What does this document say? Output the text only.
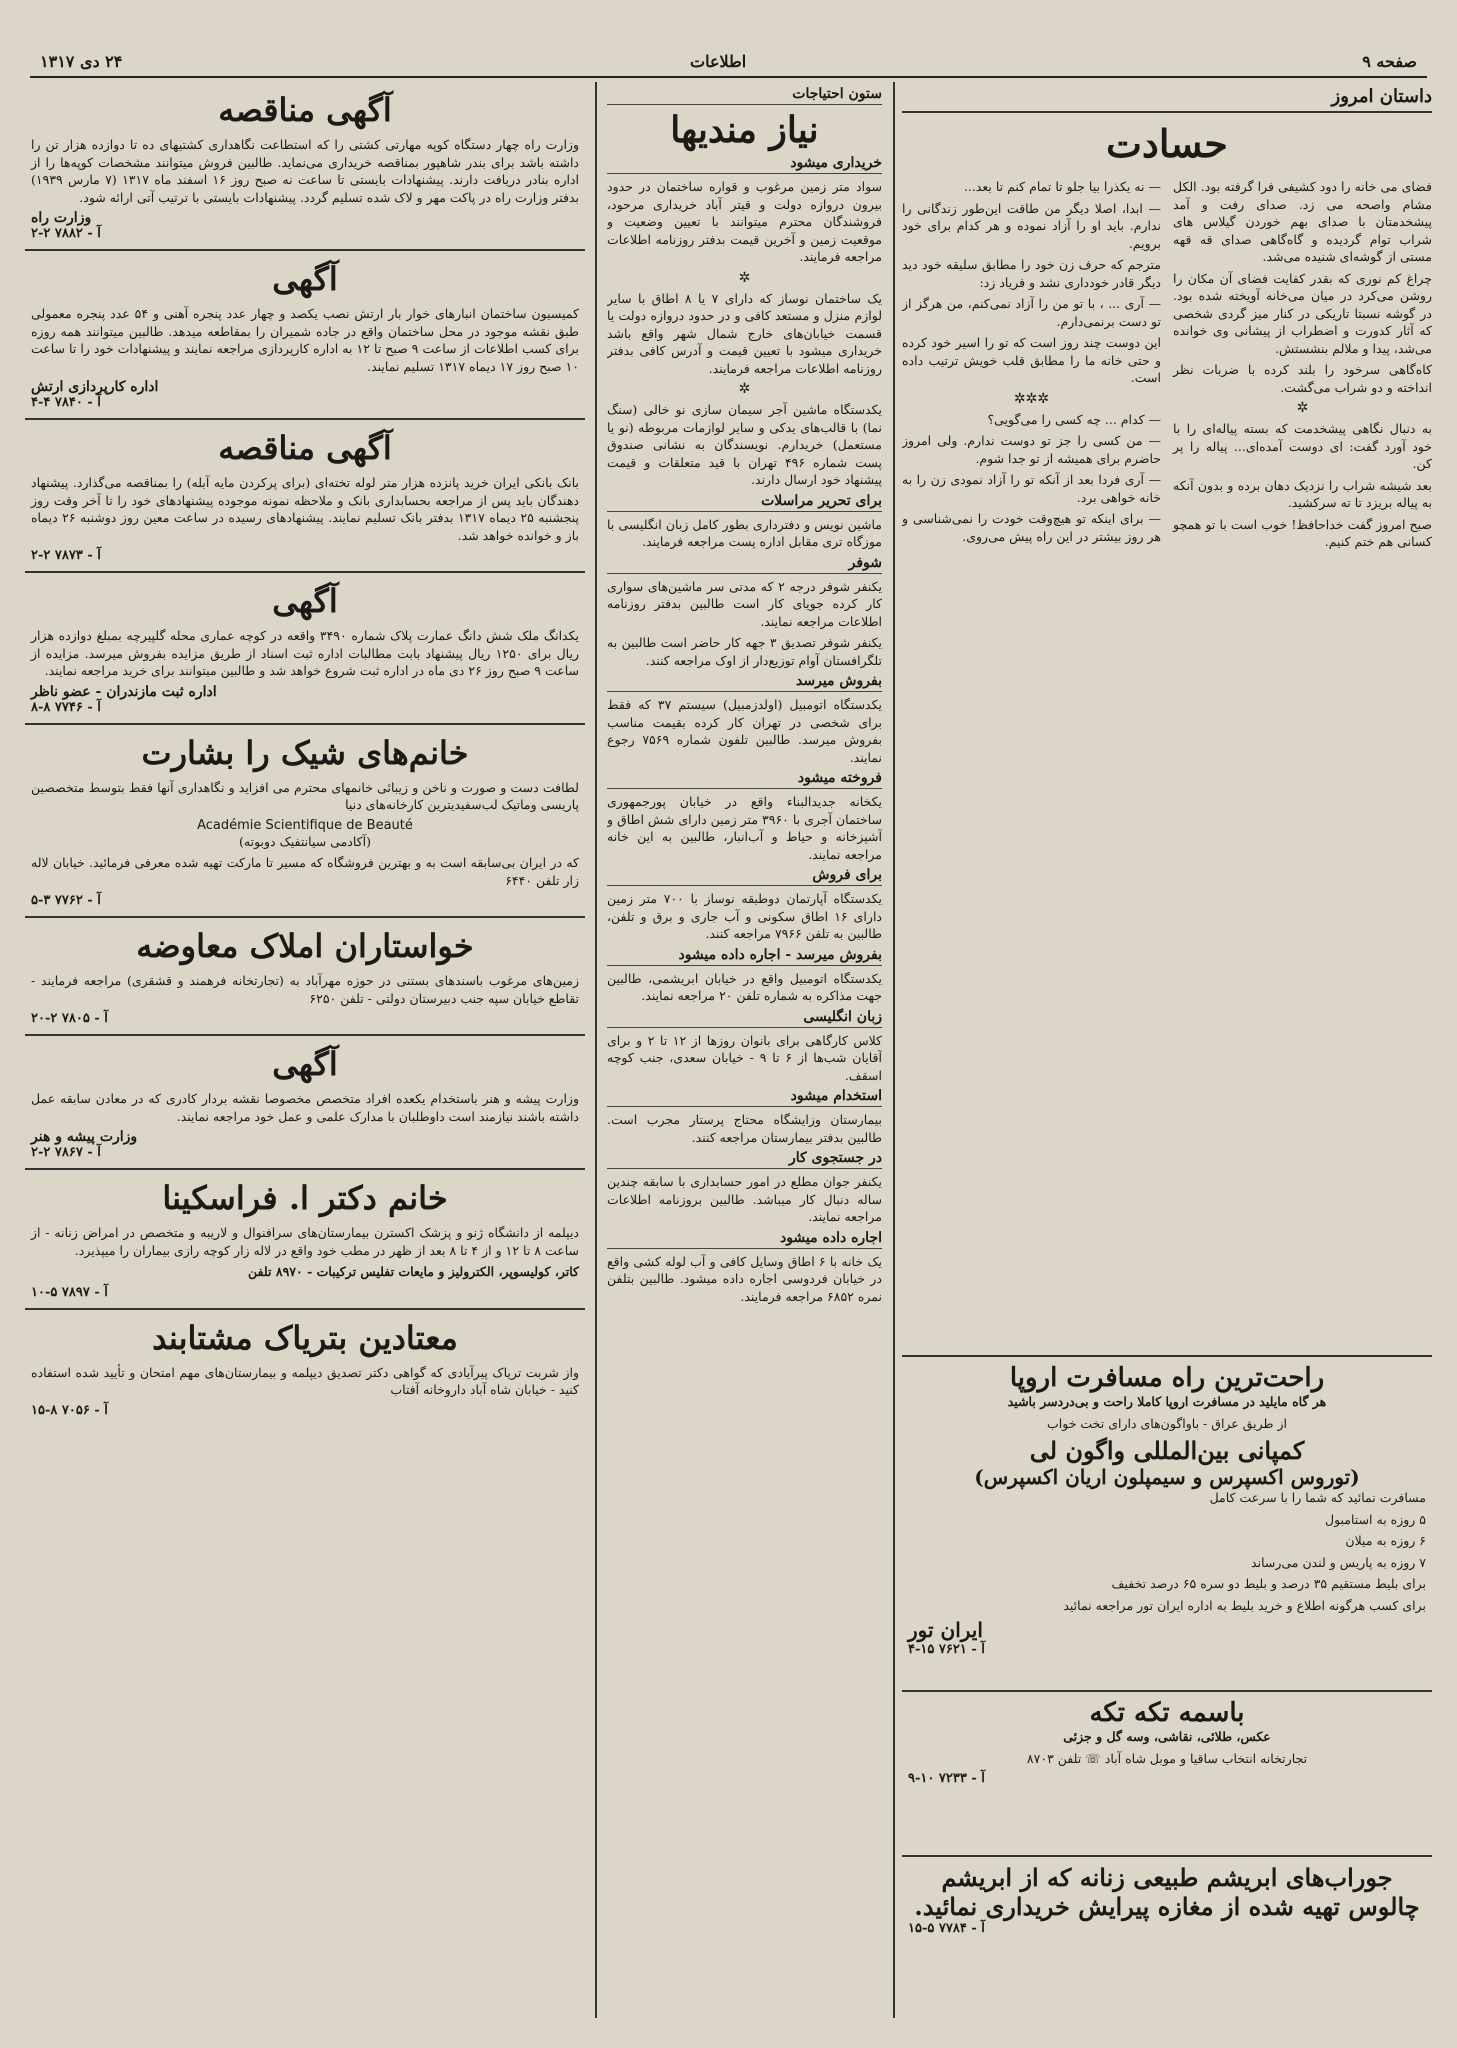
صفحه ۹
اطلاعات
۲۴ دی ۱۳۱۷
داستان امروز
حسادت

فضای می خانه را دود کشیفی فرا گرفته بود. الکل مشام واصحه می زد. صدای رفت و آمد پیشخدمتان با صدای بهم خوردن گیلاس های شراب توام گردیده و گاه‌گاهی صدای قه قهه مستی از گوشه‌ای شنیده می‌شد.

چراغ کم نوری که بقدر کفایت فضای آن مکان را روشن می‌کرد در میان می‌خانه آویخته شده بود. در گوشه نسبتا تاریکی در کنار میز گردی شخصی که آثار کدورت و اضطراب از پیشانی وی خوانده می‌شد، پیدا و ملالم بنشستش.

کاه‌گاهی سرخود را بلند کرده با ضربات نظر انداخته و دو شراب می‌گشت.

✲

به دنبال نگاهی پیشخدمت که بسته پیاله‌ای را با خود آورد گفت: ای دوست آمده‌ای... پیاله را پر کن.

بعد شیشه شراب را نزدیک دهان برده و بدون آنکه به پیاله بریزد تا ته سرکشید.

صبح امروز گفت خداحافظ! خوب است با تو همچو کسانی هم ختم کنیم.

— نه یکذرا بیا جلو تا تمام کنم تا بعد...

— ابدا، اصلا دیگر من طاقت این‌طور زندگانی را ندارم. باید او را آزاد نموده و هر کدام برای خود برویم.

مترجم که حرف زن خود را مطابق سلیقه خود دید دیگر قادر خودداری نشد و فریاد زد:

— آری ... ، با تو من را آزاد نمی‌کنم، من هرگز از تو دست برنمی‌دارم.

این دوست چند روز است که تو را اسیر خود کرده و حتی خانه ما را مطابق قلب خویش ترتیب داده است.

✲✲✲

— کدام ... چه کسی را می‌گویی؟

— من کسی را جز تو دوست ندارم. ولی امروز حاضرم برای همیشه از تو جدا شوم.

— آری فردا بعد از آنکه تو را آزاد نمودی زن را به خانه خواهی برد.

— برای اینکه تو هیچ‌وقت خودت را نمی‌شناسی و هر روز بیشتر در این راه پیش می‌روی.

راحت‌ترین راه مسافرت اروپا
هر گاه مایلید در مسافرت اروپا کاملا راحت و بی‌دردسر باشید
از طریق عراق - باواگون‌های دارای تخت خواب
کمپانی بین‌المللی واگون لی
(توروس اکسپرس و سیمپلون اریان اکسپرس)
مسافرت نمائید که شما را با سرعت کامل
۵ روزه به استامبول
۶ روزه به میلان
۷ روزه به پاریس و لندن می‌رساند
برای بلیط مستقیم ۳۵ درصد و بلیط دو سره ۶۵ درصد تخفیف
برای کسب هرگونه اطلاع و خرید بلیط به اداره ایران تور مراجعه نمائید
ایران تور
آ - ۷۶۲۱ ۱۵-۴
باسمه تکه تکه
عکس، طلائی، نقاشی، وسه گل و جزئی
تجارتخانه انتخاب ساقیا و موبل شاه آباد ☏ تلفن ۸۷۰۳
آ - ۷۲۳۳ ۱۰-۹
جوراب‌های ابریشم طبیعی زنانه که از ابریشم
چالوس تهیه شده از مغازه پیرایش خریداری نمائید.
آ - ۷۷۸۴ ۵-۱۵
ستون احتیاجات
نیاز مندیها
خریداری میشود

سواد متر زمین مرغوب و قواره ساختمان در حدود بیرون دروازه دولت و قیتر آباد خریداری مرحود، فروشندگان محترم میتوانند با تعیین وضعیت و موقعیت زمین و آخرین قیمت بدفتر روزنامه اطلاعات مراجعه فرمایند.

✲

یک ساختمان نوساز که دارای ۷ یا ۸ اطاق با سایر لوازم منزل و مستعد کافی و در حدود دروازه دولت یا قسمت خیابان‌های خارج شمال شهر واقع باشد خریداری میشود با تعیین قیمت و آدرس کافی بدفتر روزنامه اطلاعات مراجعه فرمایند.

✲

یکدستگاه ماشین آجر سیمان سازی نو خالی (سنگ نما) با قالب‌های یدکی و سایر لوازمات مربوطه (نو یا مستعمل) خریدارم. نویسندگان به نشانی صندوق پست شماره ۴۹۶ تهران با قید متعلقات و قیمت پیشنهاد خود ارسال دارند.

برای تحریر مراسلات

ماشین نویس و دفترداری بطور کامل زبان انگلیسی با موزگاه تری مقابل اداره پست مراجعه فرمایند.

شوفر

یکنفر شوفر درجه ۲ که مدتی سر ماشین‌های سواری کار کرده جویای کار است طالبین بدفتر روزنامه اطلاعات مراجعه نمایند.

یکنفر شوفر تصدیق ۳ جهه کار حاضر است طالبین به تلگرافستان آوام توزیع‌دار از اوک مراجعه کنند.

بفروش میرسد

یکدستگاه اتومبیل (اولدزمبیل) سیستم ۳۷ که فقط برای شخصی در تهران کار کرده بقیمت مناسب بفروش میرسد. طالبین تلفون شماره ۷۵۶۹ رجوع نمایند.

فروخته میشود

یکخانه جدیدالبناء واقع در خیابان پورجمهوری ساختمان آجری با ۳۹۶۰ متر زمین دارای شش اطاق و آشپزخانه و حیاط و آب‌انبار، طالبین به این خانه مراجعه نمایند.

برای فروش

یکدستگاه آپارتمان دوطبقه نوساز با ۷۰۰ متر زمین دارای ۱۶ اطاق سکونی و آب جاری و برق و تلفن، طالبین به تلفن ۷۹۶۶ مراجعه کنند.

بفروش میرسد - اجاره داده میشود

یکدستگاه اتومبیل واقع در خیابان ابریشمی، طالبین جهت مذاکره به شماره تلفن ۲۰ مراجعه نمایند.

زبان انگلیسی

کلاس کارگاهی برای بانوان روزها از ۱۲ تا ۲ و برای آقایان شب‌ها از ۶ تا ۹ - خیابان سعدی، جنب کوچه اسقف.

استخدام میشود

بیمارستان وزایشگاه محتاج پرستار مجرب است. طالبین بدفتر بیمارستان مراجعه کنند.

در جستجوی کار

یکنفر جوان مطلع در امور حسابداری با سابقه چندین ساله دنبال کار میباشد. طالبین بروزنامه اطلاعات مراجعه نمایند.

اجاره داده میشود

یک خانه با ۶ اطاق وسایل کافی و آب لوله کشی واقع در خیابان فردوسی اجاره داده میشود. طالبین بتلفن نمره ۶۸۵۲ مراجعه فرمایند.

آگهی مناقصه

وزارت راه چهار دستگاه کوپه مهارتی کشتی را که استطاعت نگاهداری کشتیهای ده تا دوازده هزار تن را داشته باشد برای بندر شاهپور بمناقصه خریداری می‌نماید. طالبین فروش میتوانند مشخصات کوپه‌ها را از اداره بنادر دریافت دارند. پیشنهادات بایستی تا ساعت نه صبح روز ۱۶ اسفند ماه ۱۳۱۷ (۷ مارس ۱۹۳۹) بدفتر وزارت راه در پاکت مهر و لاک شده تسلیم گردد. پیشنهادات بایستی با ترتیب آتی ارائه شود.

وزارت راه
آ - ۷۸۸۲ ۲-۲
آگهی

کمیسیون ساختمان انبار‌های خوار بار ارتش نصب یکصد و چهار عدد پنجره آهنی و ۵۴ عدد پنجره معمولی طبق نقشه موجود در محل ساختمان واقع در جاده شمیران را بمقاطعه میدهد. طالبین میتوانند همه روزه برای کسب اطلاعات از ساعت ۹ صبح تا ۱۲ به اداره کارپردازی مراجعه نمایند و پیشنهادات خود را تا ساعت ۱۰ صبح روز ۱۷ دیماه ۱۳۱۷ تسلیم نمایند.

اداره کارپردازی ارتش
آ - ۷۸۴۰ ۴-۴
آگهی مناقصه

بانک بانکی ایران خرید پانزده هزار متر لوله تخته‌ای (برای پرکردن مایه آبله) را بمناقصه می‌گذارد. پیشنهاد دهندگان باید پس از مراجعه بحسابداری بانک و ملاحظه نمونه موجوده پیشنهادهای خود را تا آخر وقت روز پنجشنبه ۲۵ دیماه ۱۳۱۷ بدفتر بانک تسلیم نمایند. پیشنهادهای رسیده در ساعت معین روز دوشنبه ۲۶ دیماه باز و خوانده خواهد شد.

آ - ۷۸۷۳ ۲-۲
آگهی

یکدانگ ملک شش دانگ عمارت پلاک شماره ۳۴۹۰ واقعه در کوچه عماری محله گلپیرچه بمبلغ دوازده هزار ریال برای ۱۲۵۰ ریال پیشنهاد بابت مطالبات اداره ثبت اسناد از طریق مزایده بفروش میرسد. مزایده از ساعت ۹ صبح روز ۲۶ دی ماه در اداره ثبت شروع خواهد شد و طالبین میتوانند برای خرید مراجعه نمایند.

اداره ثبت مازندران - عضو ناظر
آ - ۷۷۴۶ ۸-۸
خانم‌های شیک را بشارت

لطافت دست و صورت و ناخن و زیبائی خانمهای محترم می افزاید و نگاهداری آنها فقط بتوسط متخصصین پاریسی وماتیک لب‌سفیدیترین کارخانه‌های دنیا

Académie Scientifique de Beauté
(آکادمی سیانتفیک دوبوته)

که در ایران بی‌سابقه است به‌ و بهترین فروشگاه که مسیر تا مارکت تهیه شده معرفی فرمائید. خیابان لاله زار تلفن ۶۴۴۰

آ - ۷۷۶۲ ۳-۵
خواستاران املاک معاوضه

زمین‌های مرغوب باسند‌های بستنی در حوزه مهرآباد به (تجارتخانه فرهمند و قشقری) مراجعه فرمایند - تقاطع خیابان سپه جنب دبیرستان دولتی - تلفن ۶۲۵۰

آ - ۷۸۰۵ ۲-۲۰
آگهی

وزارت پیشه و هنر باستخدام یکعده افراد متخصص مخصوصا نقشه بردار کادری که در معادن سابقه عمل داشته باشند نیازمند است داوطلبان با مدارک علمی و عمل خود مراجعه نمایند.

وزارت پیشه و هنر
آ - ۷۸۶۷ ۲-۲
خانم دکتر ا. فراسکینا

دیپلمه از دانشگاه ژنو و پزشک اکسترن بیمارستان‌های سرافنوال و لاریبه و متخصص در امراض زنانه - از ساعت ۸ تا ۱۲ و از ۴ تا ۸ بعد از ظهر در مطب خود واقع در لاله زار کوچه رازی بیماران را میپذیرد.

کاتر، کولیسوپر، الکترولیز و مایعات تفلیس ترکیبات - ۸۹۷۰ تلفن

آ - ۷۸۹۷ ۵-۱۰
معتادین بتریاک مشتابند

واز شربت تریاک پیرآیادی که گواهی دکتر تصدیق دیپلمه و بیمارستان‌های مهم امتحان و تأیید شده استفاده کنید - خیابان شاه آباد داروخانه آفتاب

آ - ۷۰۵۶ ۸-۱۵
